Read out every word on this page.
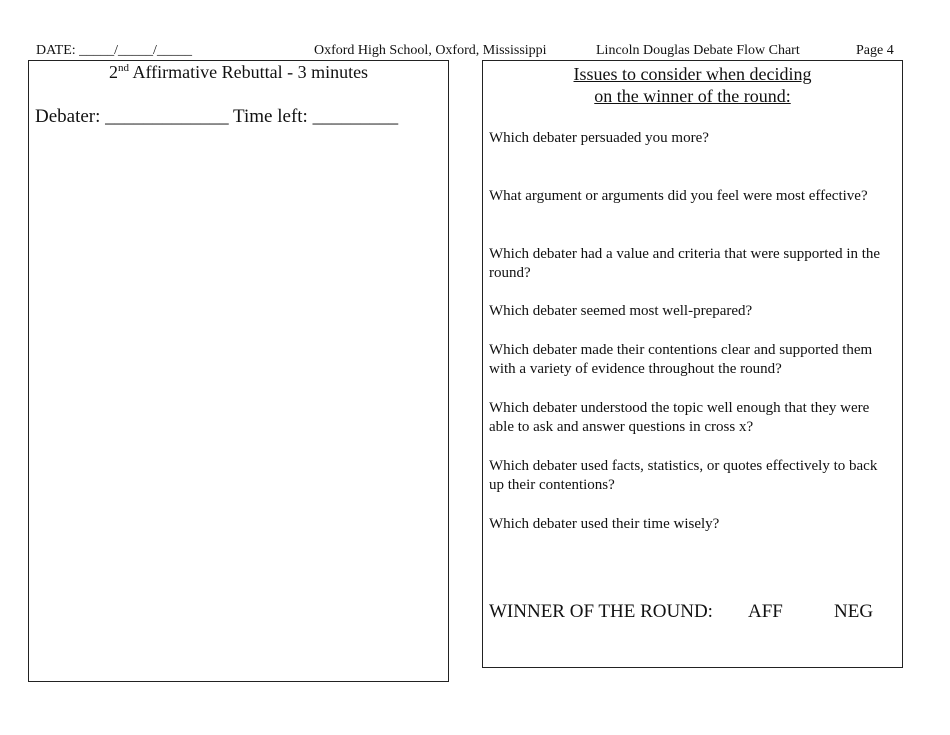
DATE: _____/_____/_____	Oxford High School, Oxford, Mississippi	Lincoln Douglas Debate Flow Chart	Page 4
2nd Affirmative Rebuttal - 3 minutes
Debater: _____________ Time left: _________
Issues to consider when deciding
on the winner of the round:
Which debater persuaded you more?
What argument or arguments did you feel were most effective?
Which debater had a value and criteria that were supported in the round?
Which debater seemed most well-prepared?
Which debater made their contentions clear and supported them with a variety of evidence throughout the round?
Which debater understood the topic well enough that they were able to ask and answer questions in cross x?
Which debater used facts, statistics, or quotes effectively to back up their contentions?
Which debater used their time wisely?
WINNER OF THE ROUND: AFF	NEG
